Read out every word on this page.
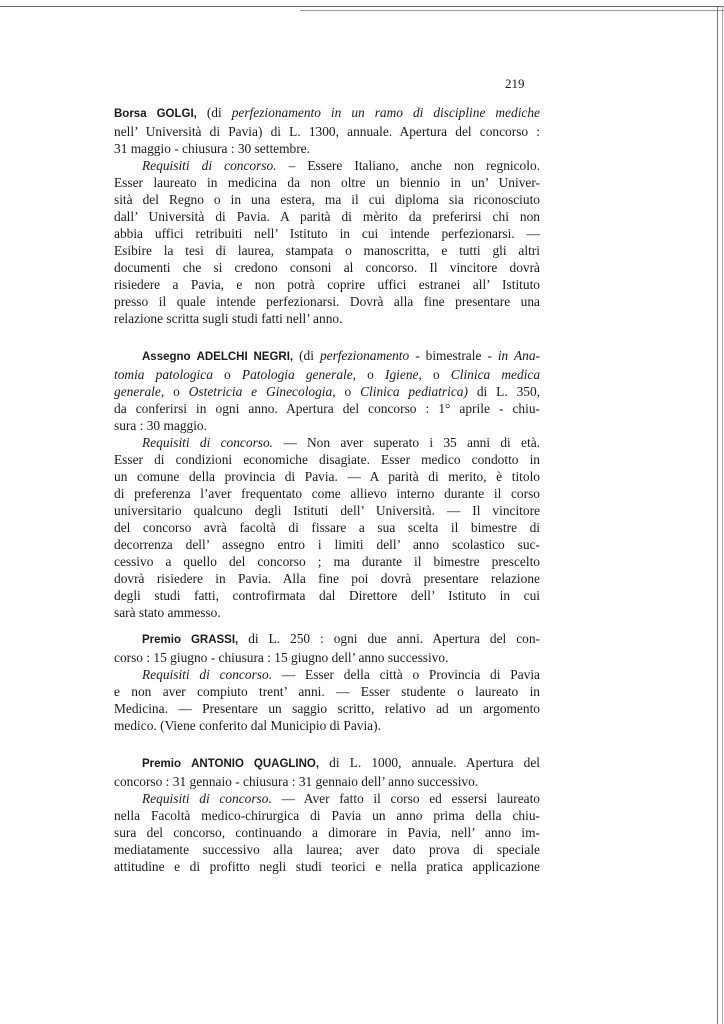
219

Borsa GOLGI, (di perfezionamento in un ramo di discipline mediche

nell’ Università di Pavia) di L. 1300, annuale. Apertura del concorso :

31 maggio - chiusura : 30 settembre.

Requisiti di concorso. – Essere Italiano, anche non regnicolo.

Esser laureato in medicina da non oltre un biennio in un’ Univer-

sità del Regno o in una estera, ma il cui diploma sia riconosciuto

dall’ Università di Pavia. A parità di mèrito da preferirsi chi non

abbia uffici retribuiti nell’ Istituto in cui intende perfezionarsi. —

Esibire la tesi di laurea, stampata o manoscritta, e tutti gli altri

documenti che si credono consoni al concorso. Il vincitore dovrà

risiedere a Pavia, e non potrà coprire uffici estranei all’ Istituto

presso il quale intende perfezionarsi. Dovrà alla fine presentare una

relazione scritta sugli studi fatti nell’ anno.

Assegno ADELCHI NEGRI, (di perfezionamento - bimestrale - in Ana-

tomia patologica o Patologia generale, o Igiene, o Clinica medica

generale, o Ostetricia e Ginecologia, o Clinica pediatrica) di L. 350,

da conferirsi in ogni anno. Apertura del concorso : 1° aprile - chiu-

sura : 30 maggio.

Requisiti di concorso. — Non aver superato i 35 anni di età.

Esser di condizioni economiche disagiate. Esser medico condotto in

un comune della provincia di Pavia. — A parità di merito, è titolo

di preferenza l’aver frequentato come allievo interno durante il corso

universitario qualcuno degli Istituti dell’ Università. — Il vincitore

del concorso avrà facoltà di fissare a sua scelta il bimestre di

decorrenza dell’ assegno entro i limiti dell’ anno scolastico suc-

cessivo a quello del concorso ; ma durante il bimestre prescelto

dovrà risiedere in Pavia. Alla fine poi dovrà presentare relazione

degli studi fatti, controfirmata dal Direttore dell’ Istituto in cui

sarà stato ammesso.

Premio GRASSI, di L. 250 : ogni due anni. Apertura del con-

corso : 15 giugno - chiusura : 15 giugno dell’ anno successivo.

Requisiti di concorso. — Esser della città o Provincia di Pavia

e non aver compiuto trent’ anni. — Esser studente o laureato in

Medicina. — Presentare un saggio scritto, relativo ad un argomento

medico. (Viene conferito dal Municipio di Pavia).

Premio ANTONIO QUAGLINO, di L. 1000, annuale. Apertura del

concorso : 31 gennaio - chiusura : 31 gennaio dell’ anno successivo.

Requisiti di concorso. — Aver fatto il corso ed essersi laureato

nella Facoltà medico-chirurgica di Pavia un anno prima della chiu-

sura del concorso, continuando a dimorare in Pavia, nell’ anno im-

mediatamente successivo alla laurea; aver dato prova di speciale

attitudine e di profitto negli studi teorici e nella pratica applicazione
